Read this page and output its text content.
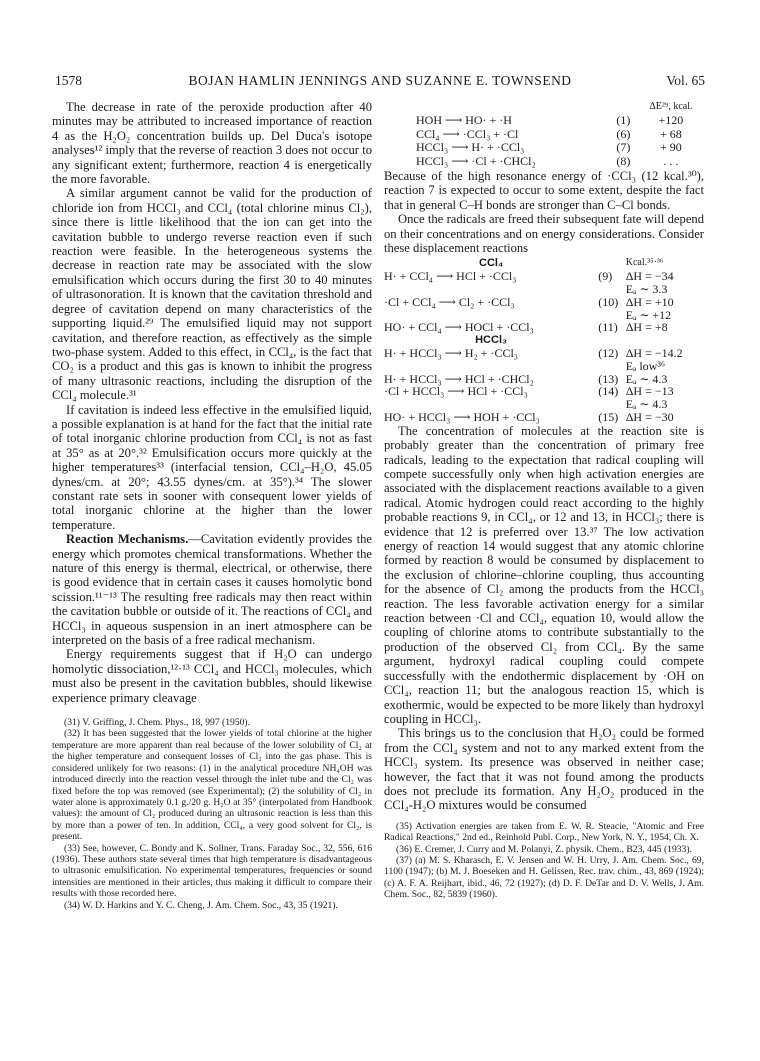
1578	BOJAN HAMLIN JENNINGS AND SUZANNE E. TOWNSEND	Vol. 65

The decrease in rate of the peroxide production after 40 minutes may be attributed to increased importance of reaction 4 as the H₂O₂ concentration builds up. Del Duca's isotope analyses¹² imply that the reverse of reaction 3 does not occur to any significant extent; furthermore, reaction 4 is energetically the more favorable.

A similar argument cannot be valid for the production of chloride ion from HCCl₃ and CCl₄ (total chlorine minus Cl₂), since there is little likelihood that the ion can get into the cavitation bubble to undergo reverse reaction even if such reaction were feasible. In the heterogeneous systems the decrease in reaction rate may be associated with the slow emulsification which occurs during the first 30 to 40 minutes of ultrasonoration. It is known that the cavitation threshold and degree of cavitation depend on many characteristics of the supporting liquid.²⁹ The emulsified liquid may not support cavitation, and therefore reaction, as effectively as the simple two-phase system. Added to this effect, in CCl₄, is the fact that CO₂ is a product and this gas is known to inhibit the progress of many ultrasonic reactions, including the disruption of the CCl₄ molecule.³¹

If cavitation is indeed less effective in the emulsified liquid, a possible explanation is at hand for the fact that the initial rate of total inorganic chlorine production from CCl₄ is not as fast at 35° as at 20°.³² Emulsification occurs more quickly at the higher temperatures³³ (interfacial tension, CCl₄–H₂O, 45.05 dynes/cm. at 20°; 43.55 dynes/cm. at 35°).³⁴ The slower constant rate sets in sooner with consequent lower yields of total inorganic chlorine at the higher than the lower temperature.

Reaction Mechanisms.—Cavitation evidently provides the energy which promotes chemical transformations. Whether the nature of this energy is thermal, electrical, or otherwise, there is good evidence that in certain cases it causes homolytic bond scission.¹¹⁻¹³ The resulting free radicals may then react within the cavitation bubble or outside of it. The reactions of CCl₄ and HCCl₃ in aqueous suspension in an inert atmosphere can be interpreted on the basis of a free radical mechanism.

Energy requirements suggest that if H₂O can undergo homolytic dissociation,¹²·¹³ CCl₄ and HCCl₃ molecules, which must also be present in the cavitation bubbles, should likewise experience primary cleavage

(31) V. Griffing, J. Chem. Phys., 18, 997 (1950).

(32) It has been suggested that the lower yields of total chlorine at the higher temperature are more apparent than real because of the lower solubility of Cl₂ at the higher temperature and consequent losses of Cl₂ into the gas phase. This is considered unlikely for two reasons: (1) in the analytical procedure NH₄OH was introduced directly into the reaction vessel through the inlet tube and the Cl₂ was fixed before the top was removed (see Experimental); (2) the solubility of Cl₂ in water alone is approximately 0.1 g./20 g. H₂O at 35° (interpolated from Handbook values): the amount of Cl₂ produced during an ultrasonic reaction is less than this by more than a power of ten. In addition, CCl₄, a very good solvent for Cl₂, is present.

(33) See, however, C. Bondy and K. Sollner, Trans. Faraday Soc., 32, 556, 616 (1936). These authors state several times that high temperature is disadvantageous to ultrasonic emulsification. No experimental temperatures, frequencies or sound intensities are mentioned in their articles, thus making it difficult to compare their results with those recorded here.

(34) W. D. Harkins and Y. C. Cheng, J. Am. Chem. Soc., 43, 35 (1921).

		ΔE²⁹, kcal.
HOH ⟶ HO· + ·H	(1)	+120
CCl₄ ⟶ ·CCl₃ + ·Cl	(6)	+ 68
HCCl₃ ⟶ H· + ·CCl₃	(7)	+ 90
HCCl₃ ⟶ ·Cl + ·CHCl₂	(8)	. . .

Because of the high resonance energy of ·CCl₃ (12 kcal.³⁰), reaction 7 is expected to occur to some extent, despite the fact that in general C–H bonds are stronger than C–Cl bonds.

Once the radicals are freed their subsequent fate will depend on their concentrations and on energy considerations. Consider these displacement reactions

CCl₄		Kcal.³⁵·³⁶
H· + CCl₄ ⟶ HCl + ·CCl₃	(9)	ΔH = −34
Eₐ ∼ 3.3

·Cl + CCl₄ ⟶ Cl₂ + ·CCl₃	(10)	ΔH = +10
Eₐ ∼ +12

HO· + CCl₄ ⟶ HOCl + ·CCl₃	(11)	ΔH = +8

HCCl₃		
H· + HCCl₃ ⟶ H₂ + ·CCl₃	(12)	ΔH = −14.2
Eₐ low³⁶

H· + HCCl₃ ⟶ HCl + ·CHCl₂	(13)	Eₐ ∼ 4.3

·Cl + HCCl₃ ⟶ HCl + ·CCl₃	(14)	ΔH = −13
Eₐ ∼ 4.3

HO· + HCCl₃ ⟶ HOH + ·CCl₃	(15)	ΔH = −30

The concentration of molecules at the reaction site is probably greater than the concentration of primary free radicals, leading to the expectation that radical coupling will compete successfully only when high activation energies are associated with the displacement reactions available to a given radical. Atomic hydrogen could react according to the highly probable reactions 9, in CCl₄, or 12 and 13, in HCCl₃; there is evidence that 12 is preferred over 13.³⁷ The low activation energy of reaction 14 would suggest that any atomic chlorine formed by reaction 8 would be consumed by displacement to the exclusion of chlorine–chlorine coupling, thus accounting for the absence of Cl₂ among the products from the HCCl₃ reaction. The less favorable activation energy for a similar reaction between ·Cl and CCl₄, equation 10, would allow the coupling of chlorine atoms to contribute substantially to the production of the observed Cl₂ from CCl₄. By the same argument, hydroxyl radical coupling could compete successfully with the endothermic displacement by ·OH on CCl₄, reaction 11; but the analogous reaction 15, which is exothermic, would be expected to be more likely than hydroxyl coupling in HCCl₃.

This brings us to the conclusion that H₂O₂ could be formed from the CCl₄ system and not to any marked extent from the HCCl₃ system. Its presence was observed in neither case; however, the fact that it was not found among the products does not preclude its formation. Any H₂O₂ produced in the CCl₄-H₂O mixtures would be consumed

(35) Activation energies are taken from E. W. R. Steacie, "Atomic and Free Radical Reactions," 2nd ed., Reinhold Publ. Corp., New York, N. Y., 1954, Ch. X.

(36) E. Cremer, J. Curry and M. Polanyi, Z. physik. Chem., B23, 445 (1933).

(37) (a) M. S. Kharasch, E. V. Jensen and W. H. Urry, J. Am. Chem. Soc., 69, 1100 (1947); (b) M. J. Boeseken and H. Gelissen, Rec. trav. chim., 43, 869 (1924); (c) A. F. A. Reijhart, ibid., 46, 72 (1927); (d) D. F. DeTar and D. V. Wells, J. Am. Chem. Soc., 82, 5839 (1960).
